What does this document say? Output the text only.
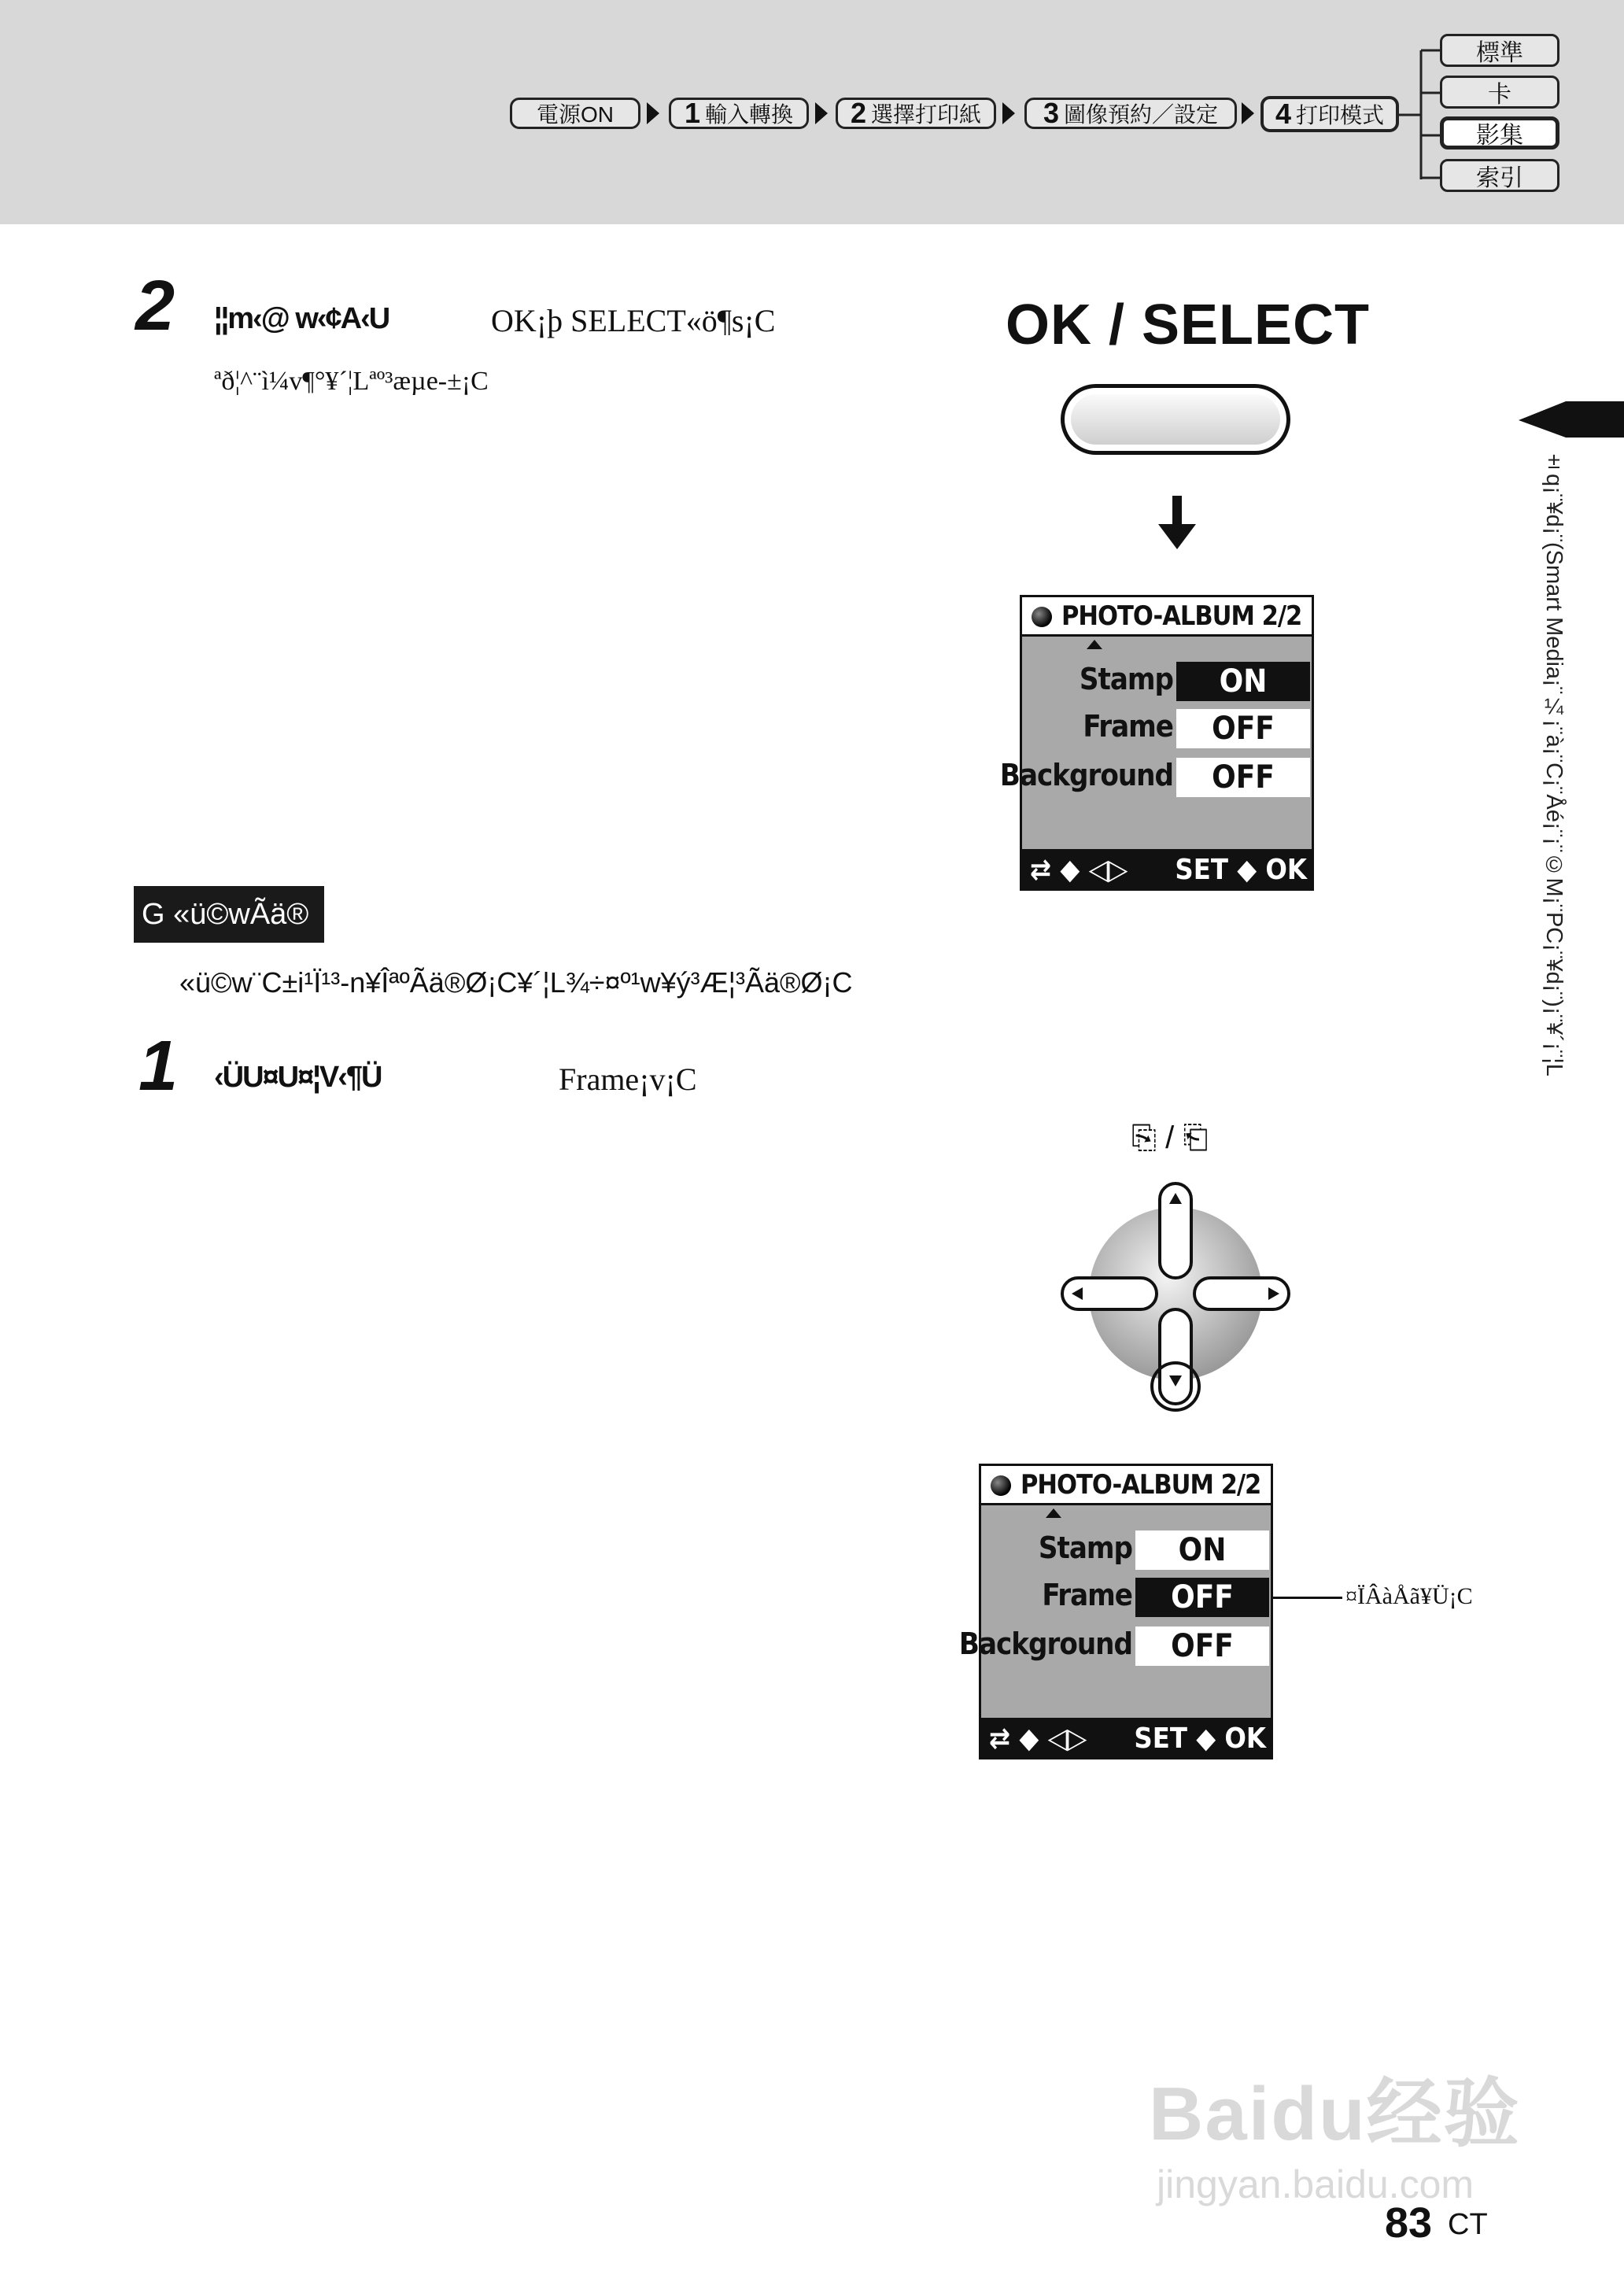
電源ON 1 輸入轉換 2 選擇打印紙 3 圖像預約／設定 4 打印模式
標準
卡
影集
索引
2 ¦¦m‹@ w‹¢A‹U	OK¡þ SELECT«ö¶s¡C
ªð¦^¨ì¼v¶°¥´¦Lªº³æµe-±¡C
OK / SELECT
PHOTO-ALBUM 2/2
Stamp	ON
Frame	OFF
Background	OFF
⇄ ◆ ◁▷ SET ◆ OK
G «ü©wÃä®
«ü©w¨C±i¹Ï¹³-n¥ÎªºÃä®Ø¡C¥´¦L¾÷¤º¹w¥ý³Æ¦³Ãä®Ø¡C
1 ‹ÜU¤U¤¦V‹¶Ü	Frame¡v¡C
⎘ / ⎗
PHOTO-ALBUM 2/2
Stamp	ON
Frame	OFF
Background	OFF
⇄ ◆ ◁▷ SET ◆ OK
¤ÏÂàÅã¥Ü¡C
±q¡¨¥d¡¨(Smart Media¡¨¼¡¨à¡¨C¡¨Åé¡¨¡¨©M¡¨PC¡¨¥d¡¨)¡¨¥´¡¨¦L
Baidu经验
jingyan.baidu.com
83 CT
